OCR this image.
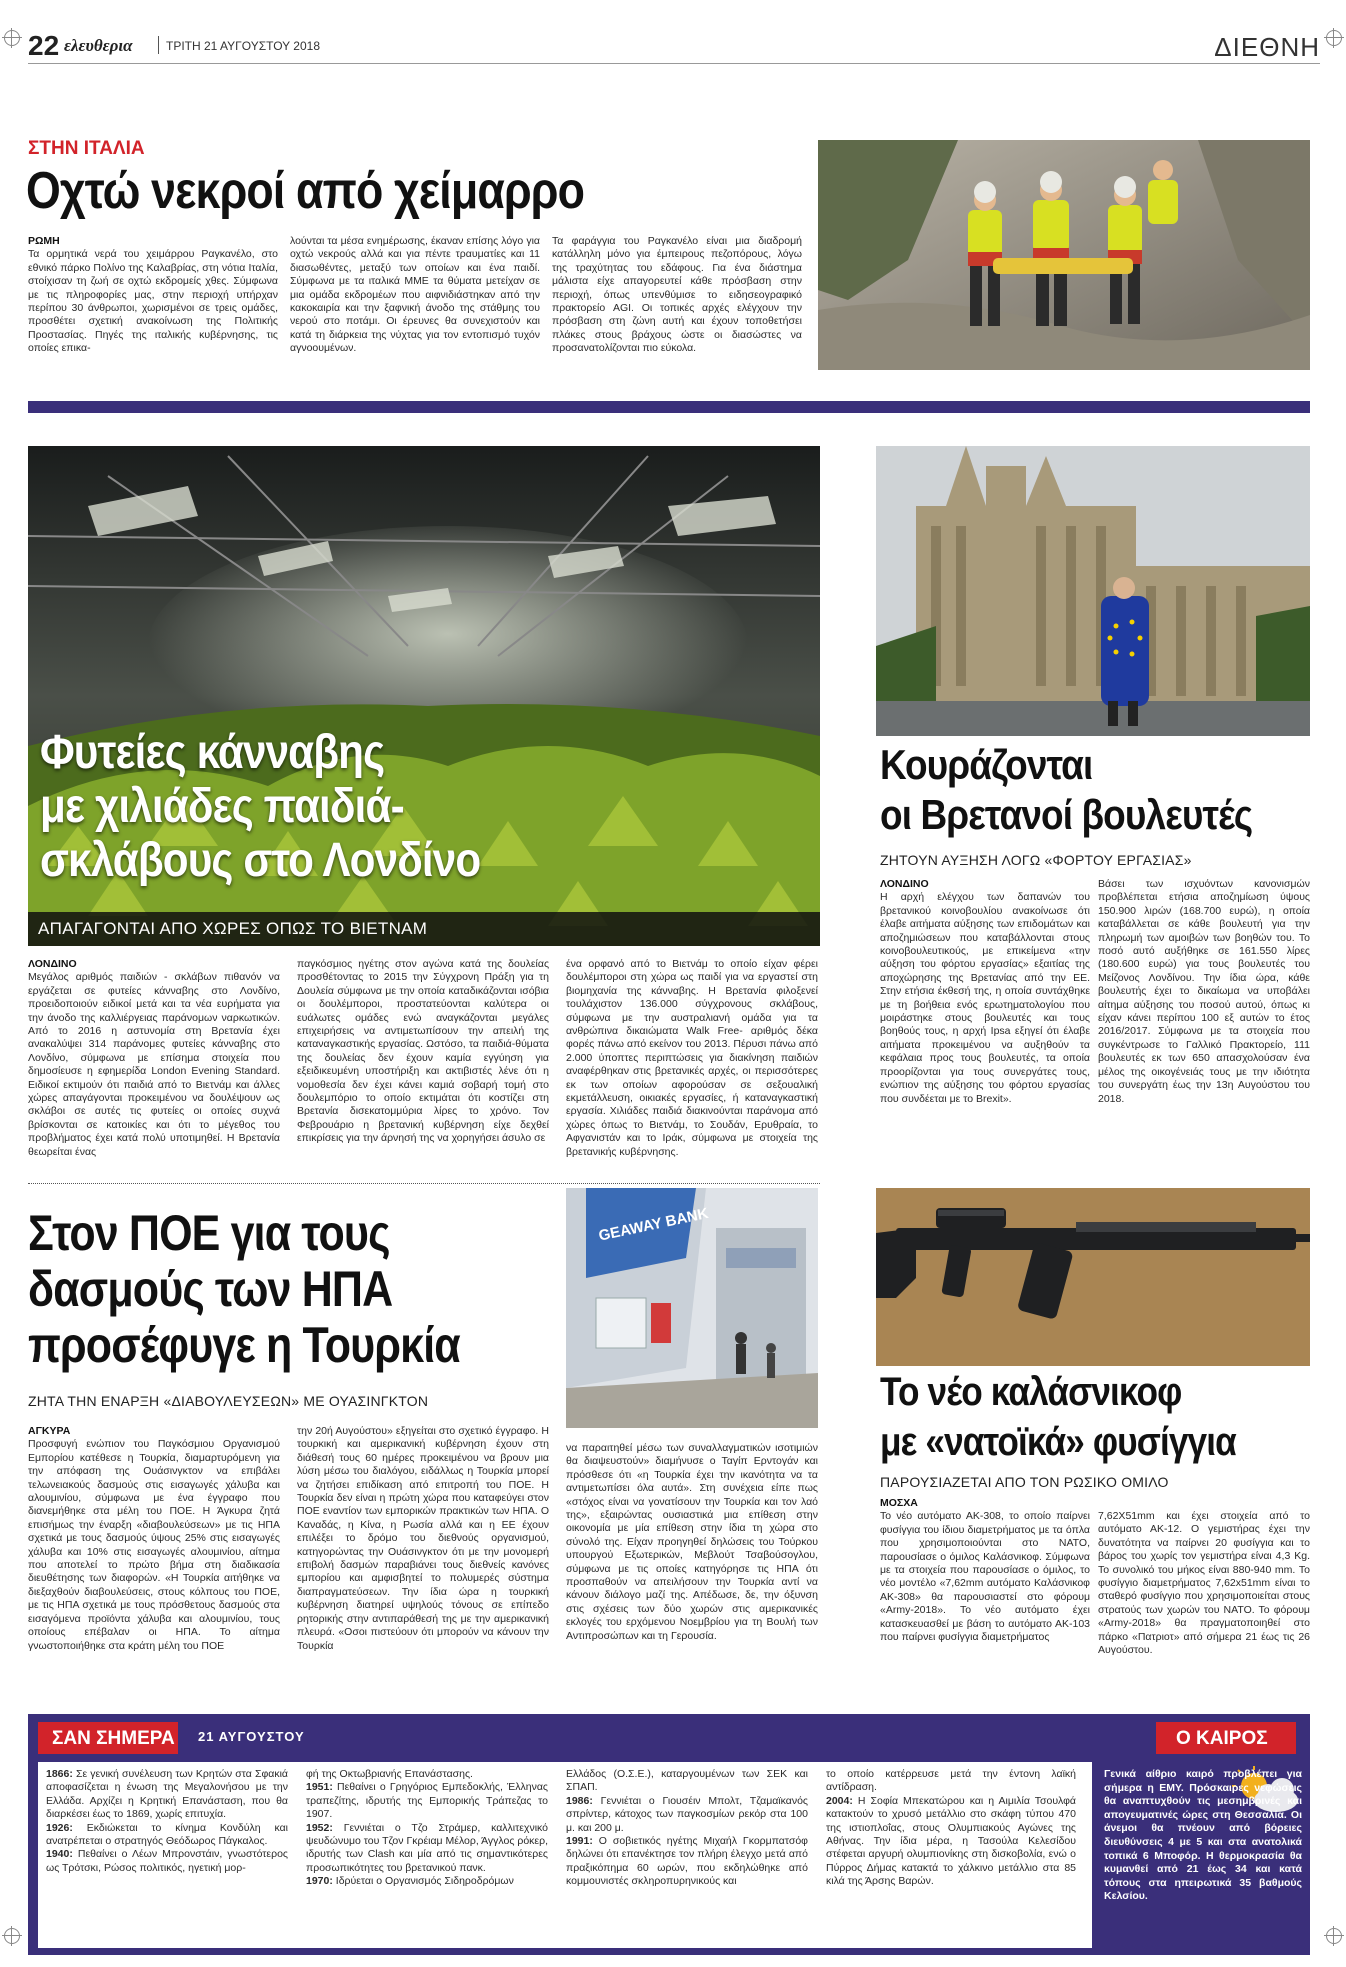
22 ελευθερια	ΤΡΙΤΗ 21 ΑΥΓΟΥΣΤΟΥ 2018	ΔΙΕΘΝΗ
ΣΤΗΝ ΙΤΑΛΙΑ
Οχτώ νεκροί από χείμαρρο
ΡΩΜΗ

Τα ορμητικά νερά του χειμάρρου Ραγκανέλο, στο εθνικό πάρκο Πολίνο της Καλαβρίας, στη νότια Ιταλία, στοίχισαν τη ζωή σε οχτώ εκδρομείς χθες. Σύμφωνα με τις πληροφορίες μας, στην περιοχή υπήρχαν περίπου 30 άνθρωποι, χωρισμένοι σε τρεις ομάδες, προσθέτει σχετική ανακοίνωση της Πολιτικής Προστασίας. Πηγές της ιταλικής κυβέρνησης, τις οποίες επικα-

λούνται τα μέσα ενημέρωσης, έκαναν επίσης λόγο για οχτώ νεκρούς αλλά και για πέντε τραυματίες και 11 διασωθέντες, μεταξύ των οποίων και ένα παιδί. Σύμφωνα με τα ιταλικά ΜΜΕ τα θύματα μετείχαν σε μια ομάδα εκδρομέων που αιφνιδιάστηκαν από την κακοκαιρία και την ξαφνική άνοδο της στάθμης του νερού στο ποτάμι. Οι έρευνες θα συνεχιστούν και κατά τη διάρκεια της νύχτας για τον εντοπισμό τυχόν αγνοουμένων.

Τα φαράγγια του Ραγκανέλο είναι μια διαδρομή κατάλληλη μόνο για έμπειρους πεζοπόρους, λόγω της τραχύτητας του εδάφους. Για ένα διάστημα μάλιστα είχε απαγορευτεί κάθε πρόσβαση στην περιοχή, όπως υπενθύμισε το ειδησεογραφικό πρακτορείο AGI. Οι τοπικές αρχές ελέγχουν την πρόσβαση στη ζώνη αυτή και έχουν τοποθετήσει πλάκες στους βράχους ώστε οι διασώστες να προσανατολίζονται πιο εύκολα.

Φυτείες κάνναβης
με χιλιάδες παιδιά-
σκλάβους στο Λονδίνο
ΑΠΑΓΑΓΟΝΤΑΙ ΑΠΟ ΧΩΡΕΣ ΟΠΩΣ ΤΟ ΒΙΕΤΝΑΜ
ΛΟΝΔΙΝΟ

Μεγάλος αριθμός παιδιών - σκλάβων πιθανόν να εργάζεται σε φυτείες κάνναβης στο Λονδίνο, προειδοποιούν ειδικοί μετά και τα νέα ευρήματα για την άνοδο της καλλιέργειας παράνομων ναρκωτικών. Από το 2016 η αστυνομία στη Βρετανία έχει ανακαλύψει 314 παράνομες φυτείες κάνναβης στο Λονδίνο, σύμφωνα με επίσημα στοιχεία που δημοσίευσε η εφημερίδα London Evening Standard. Ειδικοί εκτιμούν ότι παιδιά από το Βιετνάμ και άλλες χώρες απαγάγονται προκειμένου να δουλέψουν ως σκλάβοι σε αυτές τις φυτείες οι οποίες συχνά βρίσκονται σε κατοικίες και ότι το μέγεθος του προβλήματος έχει κατά πολύ υποτιμηθεί. Η Βρετανία θεωρείται ένας

παγκόσμιος ηγέτης στον αγώνα κατά της δουλείας προσθέτοντας το 2015 την Σύγχρονη Πράξη για τη Δουλεία σύμφωνα με την οποία καταδικάζονται ισόβια οι δουλέμποροι, προστατεύονται καλύτερα οι ευάλωτες ομάδες ενώ αναγκάζονται μεγάλες επιχειρήσεις να αντιμετωπίσουν την απειλή της καταναγκαστικής εργασίας. Ωστόσο, τα παιδιά-θύματα της δουλείας δεν έχουν καμία εγγύηση για εξειδικευμένη υποστήριξη και ακτιβιστές λένε ότι η νομοθεσία δεν έχει κάνει καμιά σοβαρή τομή στο δουλεμπόριο το οποίο εκτιμάται ότι κοστίζει στη Βρετανία δισεκατομμύρια λίρες το χρόνο. Τον Φεβρουάριο η βρετανική κυβέρνηση είχε δεχθεί επικρίσεις για την άρνησή της να χορηγήσει άσυλο σε

ένα ορφανό από το Βιετνάμ το οποίο είχαν φέρει δουλέμποροι στη χώρα ως παιδί για να εργαστεί στη βιομηχανία της κάνναβης. Η Βρετανία φιλοξενεί τουλάχιστον 136.000 σύγχρονους σκλάβους, σύμφωνα με την αυστραλιανή ομάδα για τα ανθρώπινα δικαιώματα Walk Free- αριθμός δέκα φορές πάνω από εκείνον του 2013. Πέρυσι πάνω από 2.000 ύποπτες περιπτώσεις για διακίνηση παιδιών αναφέρθηκαν στις βρετανικές αρχές, οι περισσότερες εκ των οποίων αφορούσαν σε σεξουαλική εκμετάλλευση, οικιακές εργασίες, ή καταναγκαστική εργασία. Χιλιάδες παιδιά διακινούνται παράνομα από χώρες όπως το Βιετνάμ, το Σουδάν, Ερυθραία, το Αφγανιστάν και το Ιράκ, σύμφωνα με στοιχεία της βρετανικής κυβέρνησης.

Κουράζονται
οι Βρετανοί βουλευτές
ΖΗΤΟΥΝ ΑΥΞΗΣΗ ΛΟΓΩ «ΦΟΡΤΟΥ ΕΡΓΑΣΙΑΣ»
ΛΟΝΔΙΝΟ

Η αρχή ελέγχου των δαπανών του βρετανικού κοινοβουλίου ανακοίνωσε ότι έλαβε αιτήματα αύξησης των επιδομάτων και αποζημιώσεων που καταβάλλονται στους κοινοβουλευτικούς, με επικείμενα «την αύξηση του φόρτου εργασίας» εξαιτίας της αποχώρησης της Βρετανίας από την ΕΕ. Στην ετήσια έκθεσή της, η οποία συντάχθηκε με τη βοήθεια ενός ερωτηματολογίου που μοιράστηκε στους βουλευτές και τους βοηθούς τους, η αρχή Ipsa εξηγεί ότι έλαβε αιτήματα προκειμένου να αυξηθούν τα κεφάλαια προς τους βουλευτές, τα οποία προορίζονται για τους συνεργάτες τους, ενώπιον της αύξησης του φόρτου εργασίας που συνδέεται με το Brexit».

Βάσει των ισχυόντων κανονισμών προβλέπεται ετήσια αποζημίωση ύψους 150.900 λιρών (168.700 ευρώ), η οποία καταβάλλεται σε κάθε βουλευτή για την πληρωμή των αμοιβών των βοηθών του. Το ποσό αυτό αυξήθηκε σε 161.550 λίρες (180.600 ευρώ) για τους βουλευτές του Μείζονος Λονδίνου. Την ίδια ώρα, κάθε βουλευτής έχει το δικαίωμα να υποβάλει αίτημα αύξησης του ποσού αυτού, όπως κι είχαν κάνει περίπου 100 εξ αυτών το έτος 2016/2017. Σύμφωνα με τα στοιχεία που συγκέντρωσε το Γαλλικό Πρακτορείο, 111 βουλευτές εκ των 650 απασχολούσαν ένα μέλος της οικογένειάς τους με την ιδιότητα του συνεργάτη έως την 13η Αυγούστου του 2018.

Στον ΠΟΕ για τους
δασμούς των ΗΠΑ
προσέφυγε η Τουρκία
ΖΗΤΑ ΤΗΝ ΕΝΑΡΞΗ «ΔΙΑΒΟΥΛΕΥΣΕΩΝ» ΜΕ ΟΥΑΣΙΝΓΚΤΟΝ
GEAWAY BANK
ΑΓΚΥΡΑ

Προσφυγή ενώπιον του Παγκόσμιου Οργανισμού Εμπορίου κατέθεσε η Τουρκία, διαμαρτυρόμενη για την απόφαση της Ουάσινγκτον να επιβάλει τελωνειακούς δασμούς στις εισαγωγές χάλυβα και αλουμινίου, σύμφωνα με ένα έγγραφο που διανεμήθηκε στα μέλη του ΠΟΕ. Η Άγκυρα ζητά επισήμως την έναρξη «διαβουλεύσεων» με τις ΗΠΑ σχετικά με τους δασμούς ύψους 25% στις εισαγωγές χάλυβα και 10% στις εισαγωγές αλουμινίου, αίτημα που αποτελεί το πρώτο βήμα στη διαδικασία διευθέτησης των διαφορών. «Η Τουρκία αιτήθηκε να διεξαχθούν διαβουλεύσεις, στους κόλπους του ΠΟΕ, με τις ΗΠΑ σχετικά με τους πρόσθετους δασμούς στα εισαγόμενα προϊόντα χάλυβα και αλουμινίου, τους οποίους επέβαλαν οι ΗΠΑ. Το αίτημα γνωστοποιήθηκε στα κράτη μέλη του ΠΟΕ

την 20ή Αυγούστου» εξηγείται στο σχετικό έγγραφο. Η τουρκική και αμερικανική κυβέρνηση έχουν στη διάθεσή τους 60 ημέρες προκειμένου να βρουν μια λύση μέσω του διαλόγου, ειδάλλως η Τουρκία μπορεί να ζητήσει επιδίκαση από επιτροπή του ΠΟΕ. Η Τουρκία δεν είναι η πρώτη χώρα που καταφεύγει στον ΠΟΕ εναντίον των εμπορικών πρακτικών των ΗΠΑ. Ο Καναδάς, η Κίνα, η Ρωσία αλλά και η ΕΕ έχουν επιλέξει το δρόμο του διεθνούς οργανισμού, κατηγορώντας την Ουάσινγκτον ότι με την μονομερή επιβολή δασμών παραβιάνει τους διεθνείς κανόνες εμπορίου και αμφισβητεί το πολυμερές σύστημα διαπραγματεύσεων. Την ίδια ώρα η τουρκική κυβέρνηση διατηρεί υψηλούς τόνους σε επίπεδο ρητορικής στην αντιπαράθεσή της με την αμερικανική πλευρά. «Οσοι πιστεύουν ότι μπορούν να κάνουν την Τουρκία

να παραιτηθεί μέσω των συναλλαγματικών ισοτιμιών θα διαψευστούν» διαμήνυσε ο Ταγίπ Ερντογάν και πρόσθεσε ότι «η Τουρκία έχει την ικανότητα να τα αντιμετωπίσει όλα αυτά». Στη συνέχεια είπε πως «στόχος είναι να γονατίσουν την Τουρκία και τον λαό της», εξαιρώντας ουσιαστικά μια επίθεση στην οικονομία με μία επίθεση στην ίδια τη χώρα στο σύνολό της. Είχαν προηγηθεί δηλώσεις του Τούρκου υπουργού Εξωτερικών, Μεβλούτ Τσαβούσογλου, σύμφωνα με τις οποίες κατηγόρησε τις ΗΠΑ ότι προσπαθούν να απειλήσουν την Τουρκία αντί να κάνουν διάλογο μαζί της. Απέδωσε, δε, την όξυνση στις σχέσεις των δύο χωρών στις αμερικανικές εκλογές του ερχόμενου Νοεμβρίου για τη Βουλή των Αντιπροσώπων και τη Γερουσία.

Το νέο καλάσνικοφ
με «νατοϊκά» φυσίγγια
ΠΑΡΟΥΣΙΑΖΕΤΑΙ ΑΠΟ ΤΟΝ ΡΩΣΙΚΟ ΟΜΙΛΟ
ΜΟΣΧΑ

Το νέο αυτόματο ΑΚ-308, το οποίο παίρνει φυσίγγια του ίδιου διαμετρήματος με τα όπλα που χρησιμοποιούνται στο ΝΑΤΟ, παρουσίασε ο όμιλος Καλάσνικοφ. Σύμφωνα με τα στοιχεία που παρουσίασε ο όμιλος, το νέο μοντέλο «7,62mm αυτόματο Καλάσνικοφ ΑΚ-308» θα παρουσιαστεί στο φόρουμ «Army-2018». Το νέο αυτόματο έχει κατασκευασθεί με βάση το αυτόματο ΑΚ-103 που παίρνει φυσίγγια διαμετρήματος

7,62Χ51mm και έχει στοιχεία από το αυτόματο ΑΚ-12. Ο γεμιστήρας έχει την δυνατότητα να παίρνει 20 φυσίγγια και το βάρος του χωρίς τον γεμιστήρα είναι 4,3 Kg. Το συνολικό του μήκος είναι 880-940 mm. Το φυσίγγιο διαμετρήματος 7,62x51mm είναι το σταθερό φυσίγγιο που χρησιμοποιείται στους στρατούς των χωρών του ΝΑΤΟ. Το φόρουμ «Army-2018» θα πραγματοποιηθεί στο πάρκο «Πατριοτ» από σήμερα 21 έως τις 26 Αυγούστου.

ΣΑΝ ΣΗΜΕΡΑ 21 ΑΥΓΟΥΣΤΟΥ	Ο ΚΑΙΡΟΣ

1866: Σε γενική συνέλευση των Κρητών στα Σφακιά αποφασίζεται η ένωση της Μεγαλονήσου με την Ελλάδα. Αρχίζει η Κρητική Επανάσταση, που θα διαρκέσει έως το 1869, χωρίς επιτυχία.

1926: Εκδιώκεται το κίνημα Κονδύλη και ανατρέπεται ο στρατηγός Θεόδωρος Πάγκαλος.

1940: Πεθαίνει ο Λέων Μπρονστάιν, γνωστότερος ως Τρότσκι, Ρώσος πολιτικός, ηγετική μορ-

φή της Οκτωβριανής Επανάστασης.

1951: Πεθαίνει ο Γρηγόριος Εμπεδοκλής, Έλληνας τραπεζίτης, ιδρυτής της Εμπορικής Τράπεζας το 1907.

1952: Γεννιέται ο Τζο Στράμερ, καλλιτεχνικό ψευδώνυμο του Τζον Γκρέιαμ Μέλορ, Άγγλος ρόκερ, ιδρυτής των Clash και μία από τις σημαντικότερες προσωπικότητες του βρετανικού πανκ.

1970: Ιδρύεται ο Οργανισμός Σιδηροδρόμων

Ελλάδος (Ο.Σ.Ε.), καταργουμένων των ΣΕΚ και ΣΠΑΠ.

1986: Γεννιέται ο Γιουσέιν Μπολτ, Τζαμαϊκανός σπρίντερ, κάτοχος των παγκοσμίων ρεκόρ στα 100 μ. και 200 μ.

1991: Ο σοβιετικός ηγέτης Μιχαήλ Γκορμπατσόφ δηλώνει ότι επανέκτησε τον πλήρη έλεγχο μετά από πραξικόπημα 60 ωρών, που εκδηλώθηκε από κομμουνιστές σκληροπυρηνικούς και

το οποίο κατέρρευσε μετά την έντονη λαϊκή αντίδραση.

2004: Η Σοφία Μπεκατώρου και η Αιμιλία Τσουλφά κατακτούν το χρυσό μετάλλιο στο σκάφη τύπου 470 της ιστιοπλοΐας, στους Ολυμπιακούς Αγώνες της Αθήνας. Την ίδια μέρα, η Τασούλα Κελεσίδου στέφεται αργυρή ολυμπιονίκης στη δισκοβολία, ενώ ο Πύρρος Δήμας κατακτά το χάλκινο μετάλλιο στα 85 κιλά της Άρσης Βαρών.

Γενικά αίθριο καιρό προβλέπει για σήμερα η ΕΜΥ. Πρόσκαιρες νεφώσεις θα αναπτυχθούν τις μεσημβρινές και απογευματινές ώρες στη Θεσσαλία. Οι άνεμοι θα πνέουν από βόρειες διευθύνσεις 4 με 5 και στα ανατολικά τοπικά 6 Μποφόρ. Η θερμοκρασία θα κυμανθεί από 21 έως 34 και κατά τόπους στα ηπειρωτικά 35 βαθμούς Κελσίου.
